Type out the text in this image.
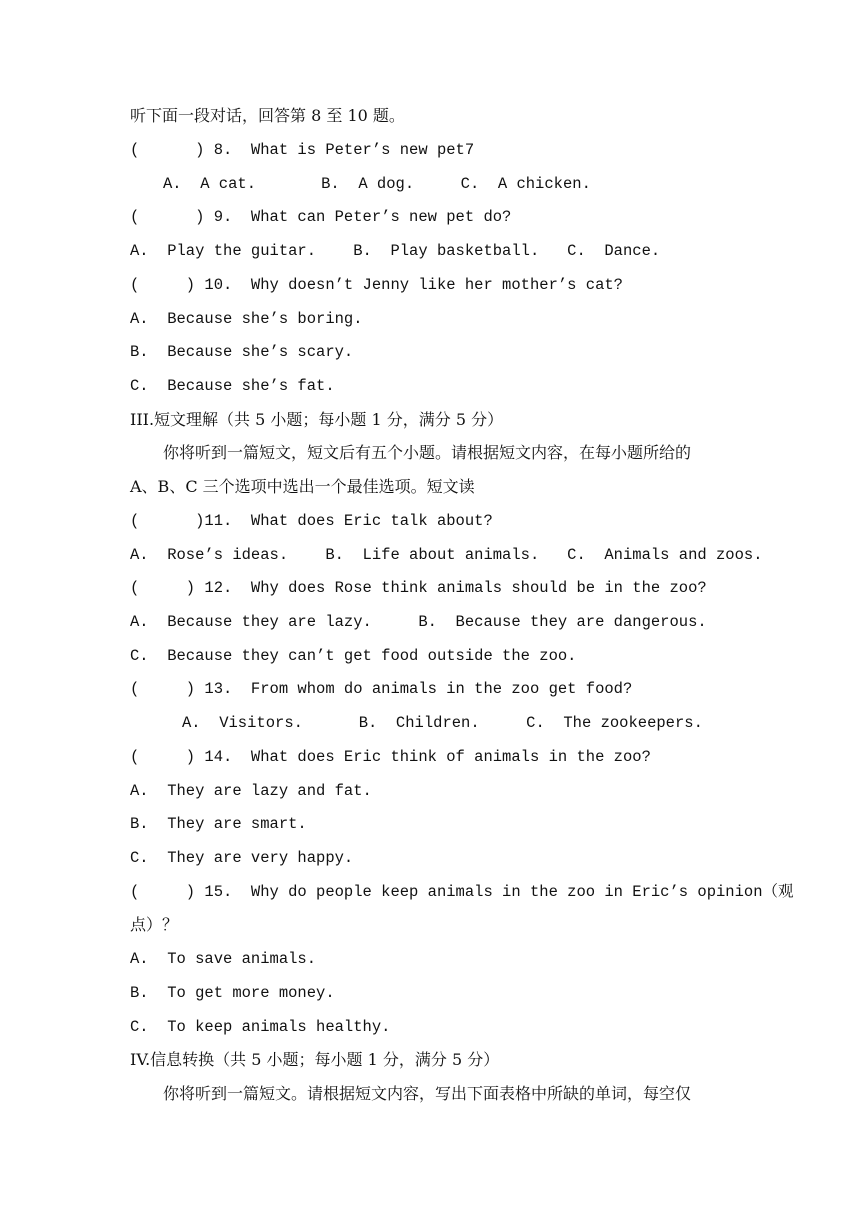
听下面一段对话，回答第 8 至 10 题。
(      ) 8.  What is Peter’s new pet7
A.  A cat.       B.  A dog.     C.  A chicken.
(      ) 9.  What can Peter’s new pet do?
A.  Play the guitar.    B.  Play basketball.   C.  Dance.
(     ) 10.  Why doesn’t Jenny like her mother’s cat?
A.  Because she’s boring.
B.  Because she’s scary.
C.  Because she’s fat.
III.短文理解（共 5 小题；每小题 1 分，满分 5 分）
你将听到一篇短文，短文后有五个小题。请根据短文内容，在每小题所给的
A、B、C 三个选项中选出一个最佳选项。短文读
(      )11.  What does Eric talk about?
A.  Rose’s ideas.    B.  Life about animals.   C.  Animals and zoos.
(     ) 12.  Why does Rose think animals should be in the zoo?
A.  Because they are lazy.     B.  Because they are dangerous.
C.  Because they can’t get food outside the zoo.
(     ) 13.  From whom do animals in the zoo get food?
A.  Visitors.      B.  Children.     C.  The zookeepers.
(     ) 14.  What does Eric think of animals in the zoo?
A.  They are lazy and fat.
B.  They are smart.
C.  They are very happy.
(     ) 15.  Why do people keep animals in the zoo in Eric’s opinion（观
点）？
A.  To save animals.
B.  To get more money.
C.  To keep animals healthy.
IV.信息转换（共 5 小题；每小题 1 分，满分 5 分）
你将听到一篇短文。请根据短文内容，写出下面表格中所缺的单词，每空仅
